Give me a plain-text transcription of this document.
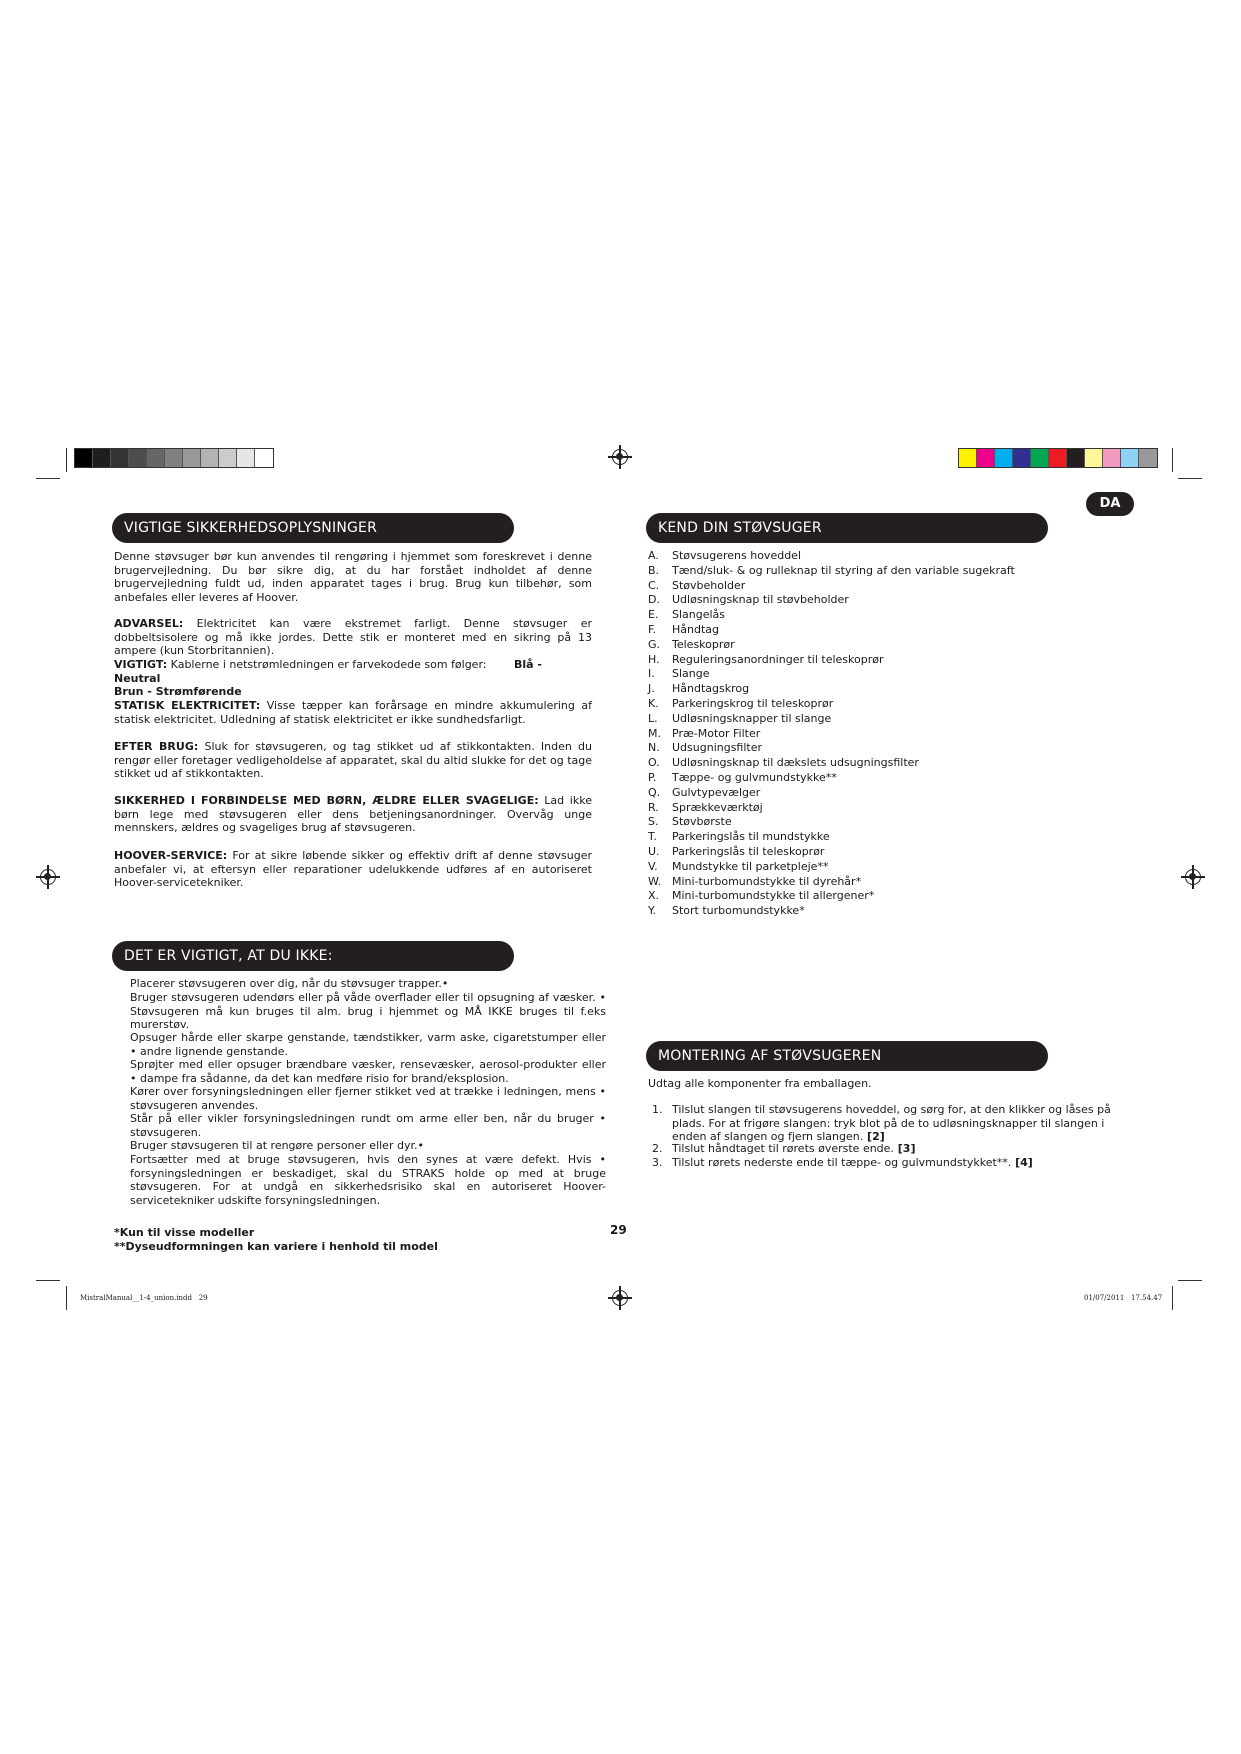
DA
VIGTIGE SIKKERHEDSOPLYSNINGER
Denne støvsuger bør kun anvendes til rengøring i hjemmet som foreskrevet i denne brugervejledning. Du bør sikre dig, at du har forstået indholdet af denne brugervejledning fuldt ud, inden apparatet tages i brug. Brug kun tilbehør, som anbefales eller leveres af Hoover.
ADVARSEL: Elektricitet kan være ekstremet farligt. Denne støvsuger er dobbeltsisolere og må ikke jordes. Dette stik er monteret med en sikring på 13 ampere (kun Storbritannien).
VIGTIGT: Kablerne i netstrømledningen er farvekodede som følger:	Blå - Neutral
Brun - Strømførende
STATISK ELEKTRICITET: Visse tæpper kan forårsage en mindre akkumulering af statisk elektricitet. Udledning af statisk elektricitet er ikke sundhedsfarligt.
EFTER BRUG: Sluk for støvsugeren, og tag stikket ud af stikkontakten. Inden du rengør eller foretager vedligeholdelse af apparatet, skal du altid slukke for det og tage stikket ud af stikkontakten.
SIKKERHED I FORBINDELSE MED BØRN, ÆLDRE ELLER SVAGELIGE: Lad ikke børn lege med støvsugeren eller dens betjeningsanordninger. Overvåg unge mennskers, ældres og svageliges brug af støvsugeren.
HOOVER-SERVICE: For at sikre løbende sikker og effektiv drift af denne støvsuger anbefaler vi, at eftersyn eller reparationer udelukkende udføres af en autoriseret Hoover-servicetekniker.
DET ER VIGTIGT, AT DU IKKE:
Placerer støvsugeren over dig, når du støvsuger trapper.•
Bruger støvsugeren udendørs eller på våde overflader eller til opsugning af væsker. • Støvsugeren må kun bruges til alm. brug i hjemmet og MÅ IKKE bruges til f.eks murerstøv.
Opsuger hårde eller skarpe genstande, tændstikker, varm aske, cigaretstumper eller • andre lignende genstande.
Sprøjter med eller opsuger brændbare væsker, rensevæsker, aerosol-produkter eller • dampe fra sådanne, da det kan medføre risio for brand/eksplosion.
Kører over forsyningsledningen eller fjerner stikket ved at trække i ledningen, mens • støvsugeren anvendes.
Står på eller vikler forsyningsledningen rundt om arme eller ben, når du bruger • støvsugeren.
Bruger støvsugeren til at rengøre personer eller dyr.•
Fortsætter med at bruge støvsugeren, hvis den synes at være defekt. Hvis • forsyningsledningen er beskadiget, skal du STRAKS holde op med at bruge støvsugeren. For at undgå en sikkerhedsrisiko skal en autoriseret Hoover-servicetekniker udskifte forsyningsledningen.
*Kun til visse modeller
**Dyseudformningen kan variere i henhold til model
29
KEND DIN STØVSUGER
A.	Støvsugerens hoveddel
B.	Tænd/sluk- & og rulleknap til styring af den variable sugekraft
C.	Støvbeholder
D.	Udløsningsknap til støvbeholder
E.	Slangelås
F.	Håndtag
G.	Teleskoprør
H.	Reguleringsanordninger til teleskoprør
I.	Slange
J.	Håndtagskrog
K.	Parkeringskrog til teleskoprør
L.	Udløsningsknapper til slange
M.	Præ-Motor Filter
N.	Udsugningsfilter
O.	Udløsningsknap til dækslets udsugningsfilter
P.	Tæppe- og gulvmundstykke**
Q.	Gulvtypevælger
R.	Sprækkeværktøj
S.	Støvbørste
T.	Parkeringslås til mundstykke
U.	Parkeringslås til teleskoprør
V.	Mundstykke til parketpleje**
W. Mini-turbomundstykke til dyrehår*
X.	Mini-turbomundstykke til allergener*
Y.	Stort turbomundstykke*
MONTERING AF STØVSUGEREN
Udtag alle komponenter fra emballagen.
1. Tilslut slangen til støvsugerens hoveddel, og sørg for, at den klikker og låses på plads. For at frigøre slangen: tryk blot på de to udløsningsknapper til slangen i enden af slangen og fjern slangen. [2]
2. Tilslut håndtaget til rørets øverste ende. [3]
3. Tilslut rørets nederste ende til tæppe- og gulvmundstykket**. [4]
MistralManual__1-4_union.indd   29	01/07/2011   17.54.47
